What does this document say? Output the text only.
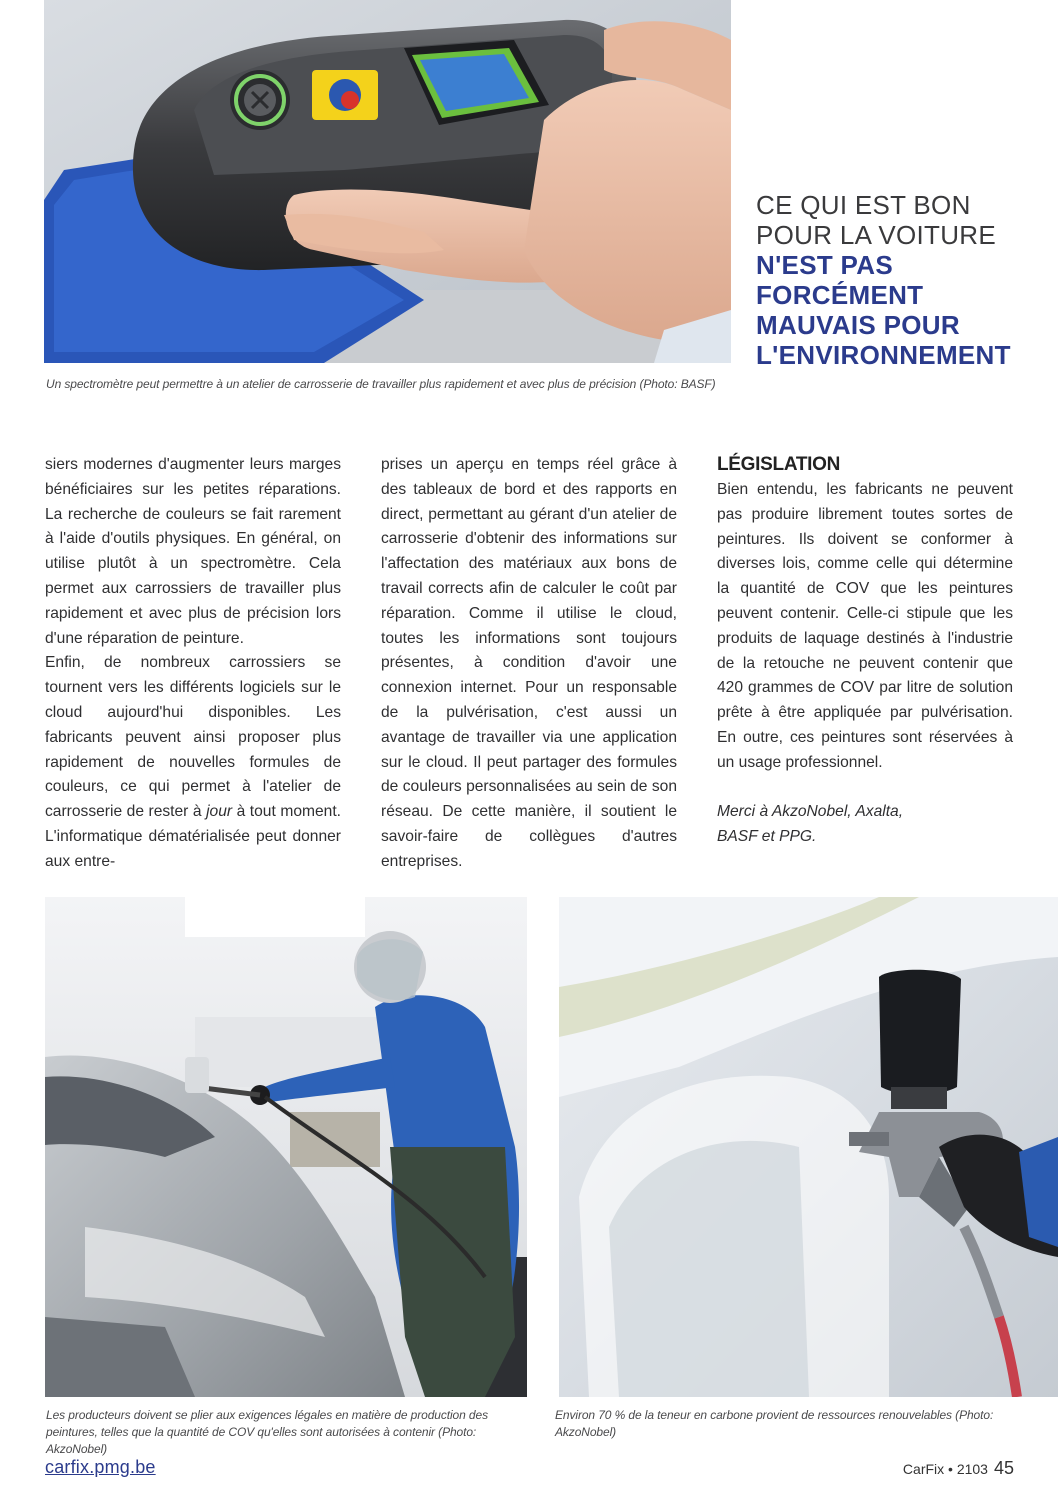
Un spectromètre peut permettre à un atelier de carrosserie de travailler plus rapidement et avec plus de précision (Photo: BASF)
CE QUI EST BON
POUR LA VOITURE
N'EST PAS
FORCÉMENT
MAUVAIS POUR
L'ENVIRONNEMENT

siers modernes d'augmenter leurs marges bénéficiaires sur les petites réparations. La recherche de couleurs se fait rarement à l'aide d'outils physiques. En général, on utilise plutôt à un spectromètre. Cela permet aux carrossiers de travailler plus rapidement et avec plus de précision lors d'une réparation de peinture.

Enfin, de nombreux carrossiers se tournent vers les différents logiciels sur le cloud aujourd'hui disponibles. Les fabricants peuvent ainsi proposer plus rapidement de nouvelles formules de couleurs, ce qui permet à l'atelier de carrosserie de rester à jour à tout moment. L'informatique dématérialisée peut donner aux entre-

prises un aperçu en temps réel grâce à des tableaux de bord et des rapports en direct, permettant au gérant d'un atelier de carrosserie d'obtenir des informations sur l'affectation des matériaux aux bons de travail corrects afin de calculer le coût par réparation. Comme il utilise le cloud, toutes les informations sont toujours présentes, à condition d'avoir une connexion internet. Pour un responsable de la pulvérisation, c'est aussi un avantage de travailler via une application sur le cloud. Il peut partager des formules de couleurs personnalisées au sein de son réseau. De cette manière, il soutient le savoir-faire de collègues d'autres entreprises.

LÉGISLATION

Bien entendu, les fabricants ne peuvent pas produire librement toutes sortes de peintures. Ils doivent se conformer à diverses lois, comme celle qui détermine la quantité de COV que les peintures peuvent contenir. Celle-ci stipule que les produits de laquage destinés à l'industrie de la retouche ne peuvent contenir que 420 grammes de COV par litre de solution prête à être appliquée par pulvérisation. En outre, ces peintures sont réservées à un usage professionnel.

Merci à AkzoNobel, Axalta,
BASF et PPG.

Les producteurs doivent se plier aux exigences légales en matière de production des peintures, telles que la quantité de COV qu'elles sont autorisées à contenir (Photo: AkzoNobel)
Environ 70 % de la teneur en carbone provient de ressources renouvelables (Photo: AkzoNobel)
carfix.pmg.be	CarFix • 2103 45
